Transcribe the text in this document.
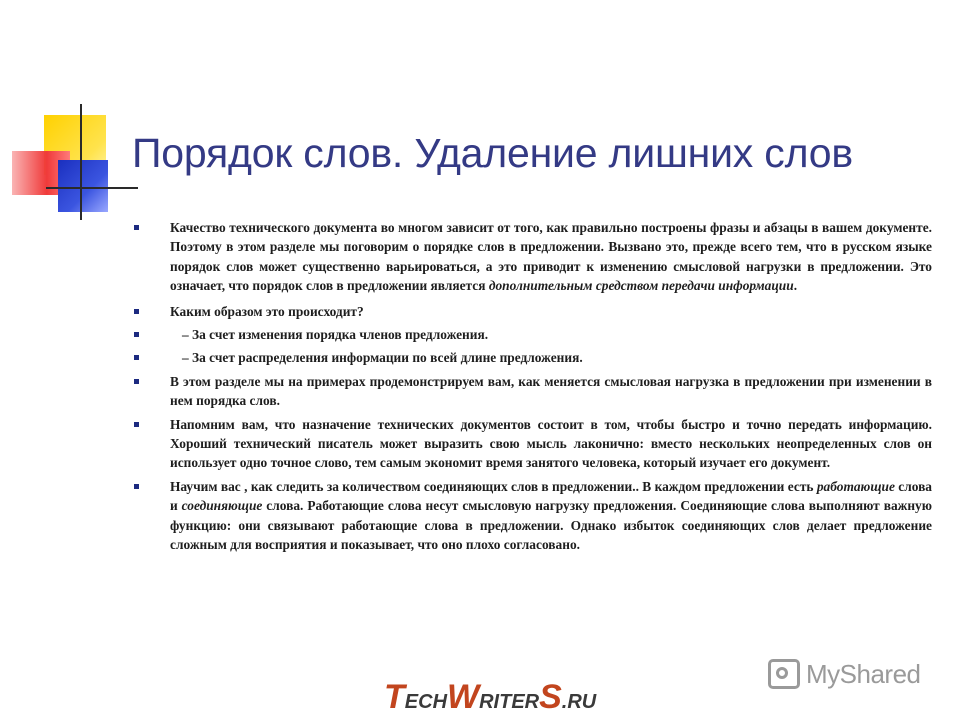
Порядок слов. Удаление лишних слов
Качество технического документа во многом зависит от того, как правильно построены фразы и абзацы в вашем документе. Поэтому в этом разделе мы поговорим о порядке слов в предложении. Вызвано это, прежде всего тем, что в русском языке порядок слов может существенно варьироваться, а это приводит к изменению смысловой нагрузки в предложении. Это означает, что порядок слов в предложении является дополнительным средством передачи информации.
Каким образом это происходит?
– За счет изменения порядка членов предложения.
– За счет распределения информации по всей длине предложения.
В этом разделе мы на примерах продемонстрируем вам, как меняется смысловая нагрузка в предложении при изменении в нем порядка слов.
Напомним вам, что назначение технических документов состоит в том, чтобы быстро и точно передать информацию. Хороший технический писатель может выразить свою мысль лаконично: вместо нескольких неопределенных слов он использует одно точное слово, тем самым экономит время занятого человека, который изучает его документ.
Научим вас , как следить за количеством соединяющих слов в предложении.. В каждом предложении есть работающие слова и соединяющие слова. Работающие слова несут смысловую нагрузку предложения. Соединяющие слова выполняют важную функцию: они связывают работающие слова в предложении. Однако избыток соединяющих слов делает предложение сложным для восприятия и показывает, что оно плохо согласовано.
TECHWRITERS.RU
MyShared
